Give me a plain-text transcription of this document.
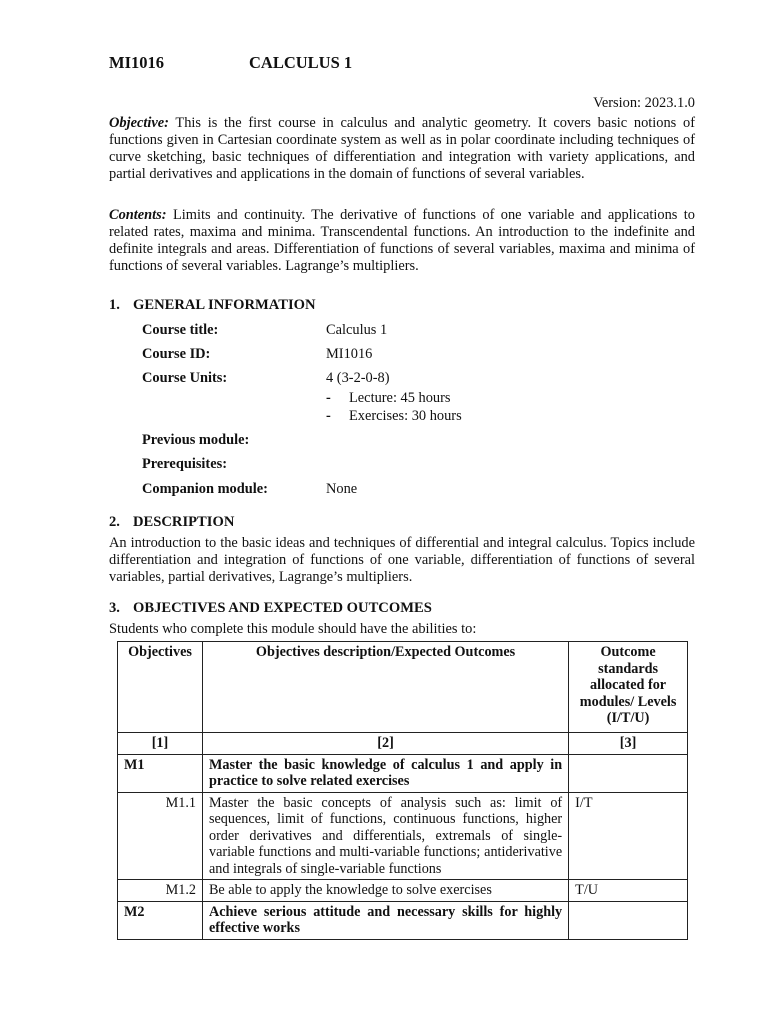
MI1016	CALCULUS 1
Version: 2023.1.0

Objective: This is the first course in calculus and analytic geometry. It covers basic notions of functions given in Cartesian coordinate system as well as in polar coordinate including techniques of curve sketching, basic techniques of differentiation and integration with variety applications, and partial derivatives and applications in the domain of functions of several variables.

Contents: Limits and continuity. The derivative of functions of one variable and applications to related rates, maxima and minima. Transcendental functions. An introduction to the indefinite and definite integrals and areas. Differentiation of functions of several variables, maxima and minima of functions of several variables. Lagrange’s multipliers.

1. GENERAL INFORMATION
Course title:	Calculus 1
Course ID:	MI1016
Course Units:	4 (3-2-0-8)
- Lecture: 45 hours
- Exercises: 30 hours
Previous module:
Prerequisites:
Companion module:	None
2. DESCRIPTION

An introduction to the basic ideas and techniques of differential and integral calculus. Topics include differentiation and integration of functions of one variable, differentiation of functions of several variables, partial derivatives, Lagrange’s multipliers.

3. OBJECTIVES AND EXPECTED OUTCOMES

Students who complete this module should have the abilities to:

Objectives	Objectives description/Expected Outcomes	Outcome standards allocated for modules/ Levels (I/T/U)
[1]	[2]	[3]
M1	Master the basic knowledge of calculus 1 and apply in practice to solve related exercises	
M1.1	Master the basic concepts of analysis such as: limit of sequences, limit of functions, continuous functions, higher order derivatives and differentials, extremals of single-variable functions and multi-variable functions; antiderivative and integrals of single-variable functions	I/T
M1.2	Be able to apply the knowledge to solve exercises	T/U
M2	Achieve serious attitude and necessary skills for highly effective works	
